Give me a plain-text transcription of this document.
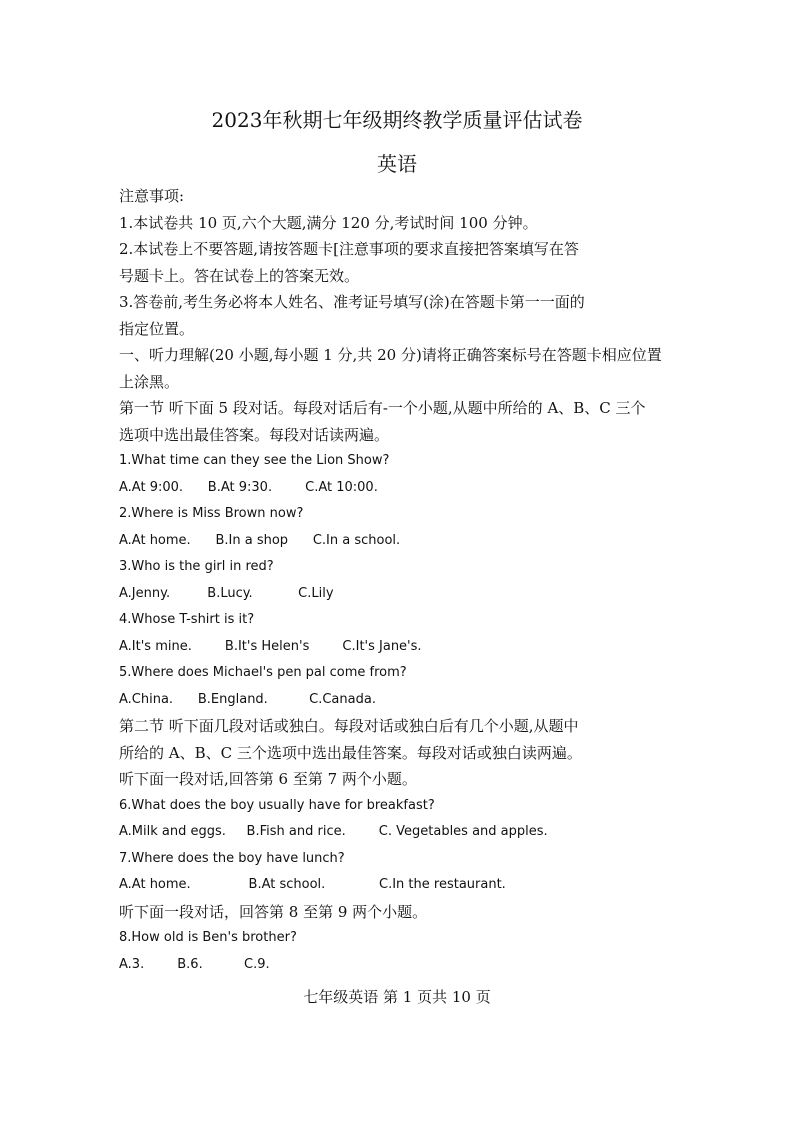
2023年秋期七年级期终教学质量评估试卷
英语
注意事项:
1.本试卷共 10 页,六个大题,满分 120 分,考试时间 100 分钟。
2.本试卷上不要答题,请按答题卡[注意事项的要求直接把答案填写在答
号题卡上。答在试卷上的答案无效。
3.答卷前,考生务必将本人姓名、准考证号填写(涂)在答题卡第一一面的
指定位置。
一、听力理解(20 小题,每小题 1 分,共 20 分)请将正确答案标号在答题卡相应位置
上涂黑。
第一节 听下面 5 段对话。每段对话后有-一个小题,从题中所给的 A、B、C 三个
选项中选出最佳答案。每段对话读两遍。
1.What time can they see the Lion Show?
A.At 9:00.      B.At 9:30.        C.At 10:00.
2.Where is Miss Brown now?
A.At home.      B.In a shop      C.In a school.
3.Who is the girl in red?
A.Jenny.         B.Lucy.           C.Lily
4.Whose T-shirt is it?
A.It's mine.        B.It's Helen's        C.It's Jane's.
5.Where does Michael's pen pal come from?
A.China.      B.England.          C.Canada.
第二节 听下面几段对话或独白。每段对话或独白后有几个小题,从题中
所给的 A、B、C 三个选项中选出最佳答案。每段对话或独白读两遍。
听下面一段对话,回答第 6 至第 7 两个小题。
6.What does the boy usually have for breakfast?
A.Milk and eggs.     B.Fish and rice.        C. Vegetables and apples.
7.Where does the boy have lunch?
A.At home.              B.At school.             C.In the restaurant.
听下面一段对话，回答第 8 至第 9 两个小题。
8.How old is Ben's brother?
A.3.        B.6.          C.9.
七年级英语 第 1 页共 10 页
